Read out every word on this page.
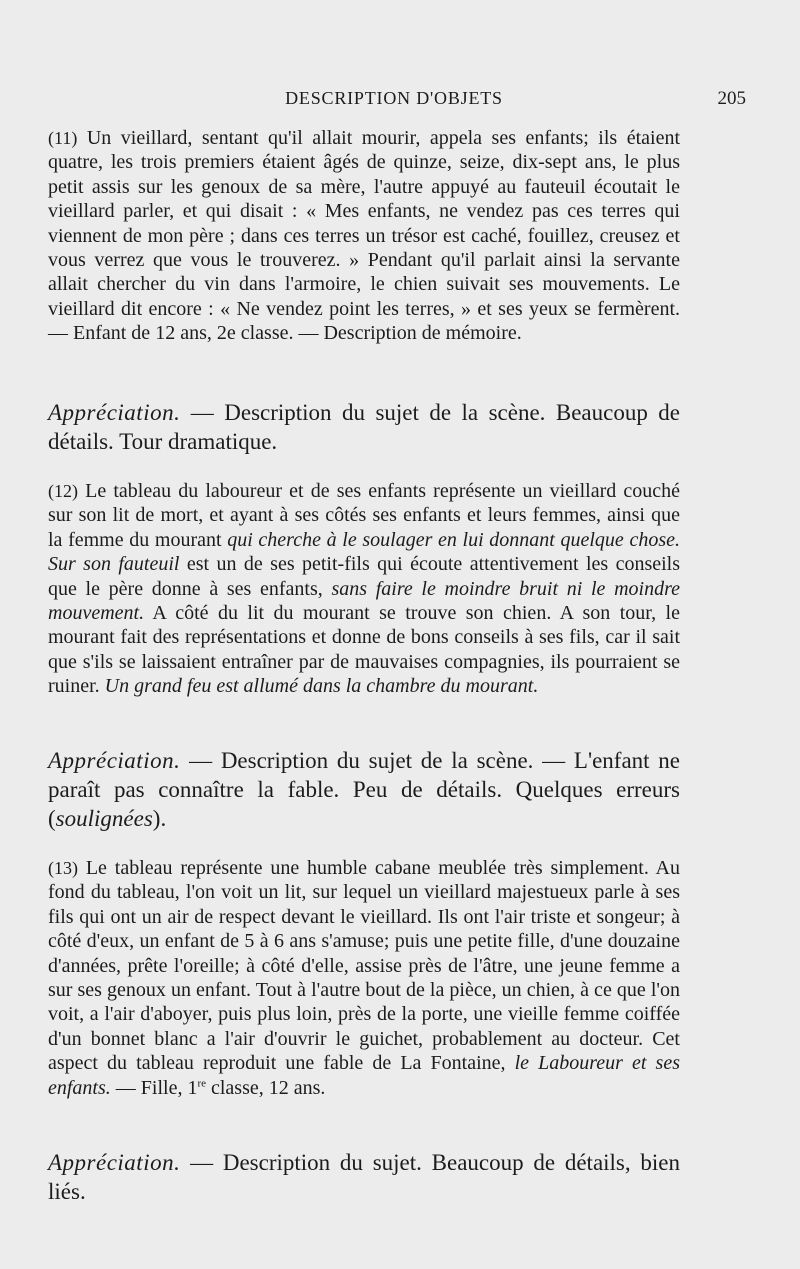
DESCRIPTION D'OBJETS	205

(11) Un vieillard, sentant qu'il allait mourir, appela ses enfants; ils étaient quatre, les trois premiers étaient âgés de quinze, seize, dix-sept ans, le plus petit assis sur les genoux de sa mère, l'autre appuyé au fauteuil écoutait le vieillard parler, et qui disait : « Mes enfants, ne vendez pas ces terres qui viennent de mon père ; dans ces terres un trésor est caché, fouillez, creusez et vous verrez que vous le trouverez. » Pendant qu'il parlait ainsi la servante allait chercher du vin dans l'armoire, le chien suivait ses mouvements. Le vieillard dit encore : « Ne vendez point les terres, » et ses yeux se fermèrent. — Enfant de 12 ans, 2e classe. — Description de mémoire.

Appréciation. — Description du sujet de la scène. Beaucoup de détails. Tour dramatique.

(12) Le tableau du laboureur et de ses enfants représente un vieillard couché sur son lit de mort, et ayant à ses côtés ses enfants et leurs femmes, ainsi que la femme du mourant qui cherche à le soulager en lui donnant quelque chose. Sur son fauteuil est un de ses petit-fils qui écoute attentivement les conseils que le père donne à ses enfants, sans faire le moindre bruit ni le moindre mouvement. A côté du lit du mourant se trouve son chien. A son tour, le mourant fait des représentations et donne de bons conseils à ses fils, car il sait que s'ils se laissaient entraîner par de mauvaises compagnies, ils pourraient se ruiner. Un grand feu est allumé dans la chambre du mourant.

Appréciation. — Description du sujet de la scène. — L'enfant ne paraît pas connaître la fable. Peu de détails. Quelques erreurs (soulignées).

(13) Le tableau représente une humble cabane meublée très simplement. Au fond du tableau, l'on voit un lit, sur lequel un vieillard majestueux parle à ses fils qui ont un air de respect devant le vieillard. Ils ont l'air triste et songeur; à côté d'eux, un enfant de 5 à 6 ans s'amuse; puis une petite fille, d'une douzaine d'années, prête l'oreille; à côté d'elle, assise près de l'âtre, une jeune femme a sur ses genoux un enfant. Tout à l'autre bout de la pièce, un chien, à ce que l'on voit, a l'air d'aboyer, puis plus loin, près de la porte, une vieille femme coiffée d'un bonnet blanc a l'air d'ouvrir le guichet, probablement au docteur. Cet aspect du tableau reproduit une fable de La Fontaine, le Laboureur et ses enfants. — Fille, 1re classe, 12 ans.

Appréciation. — Description du sujet. Beaucoup de détails, bien liés.
